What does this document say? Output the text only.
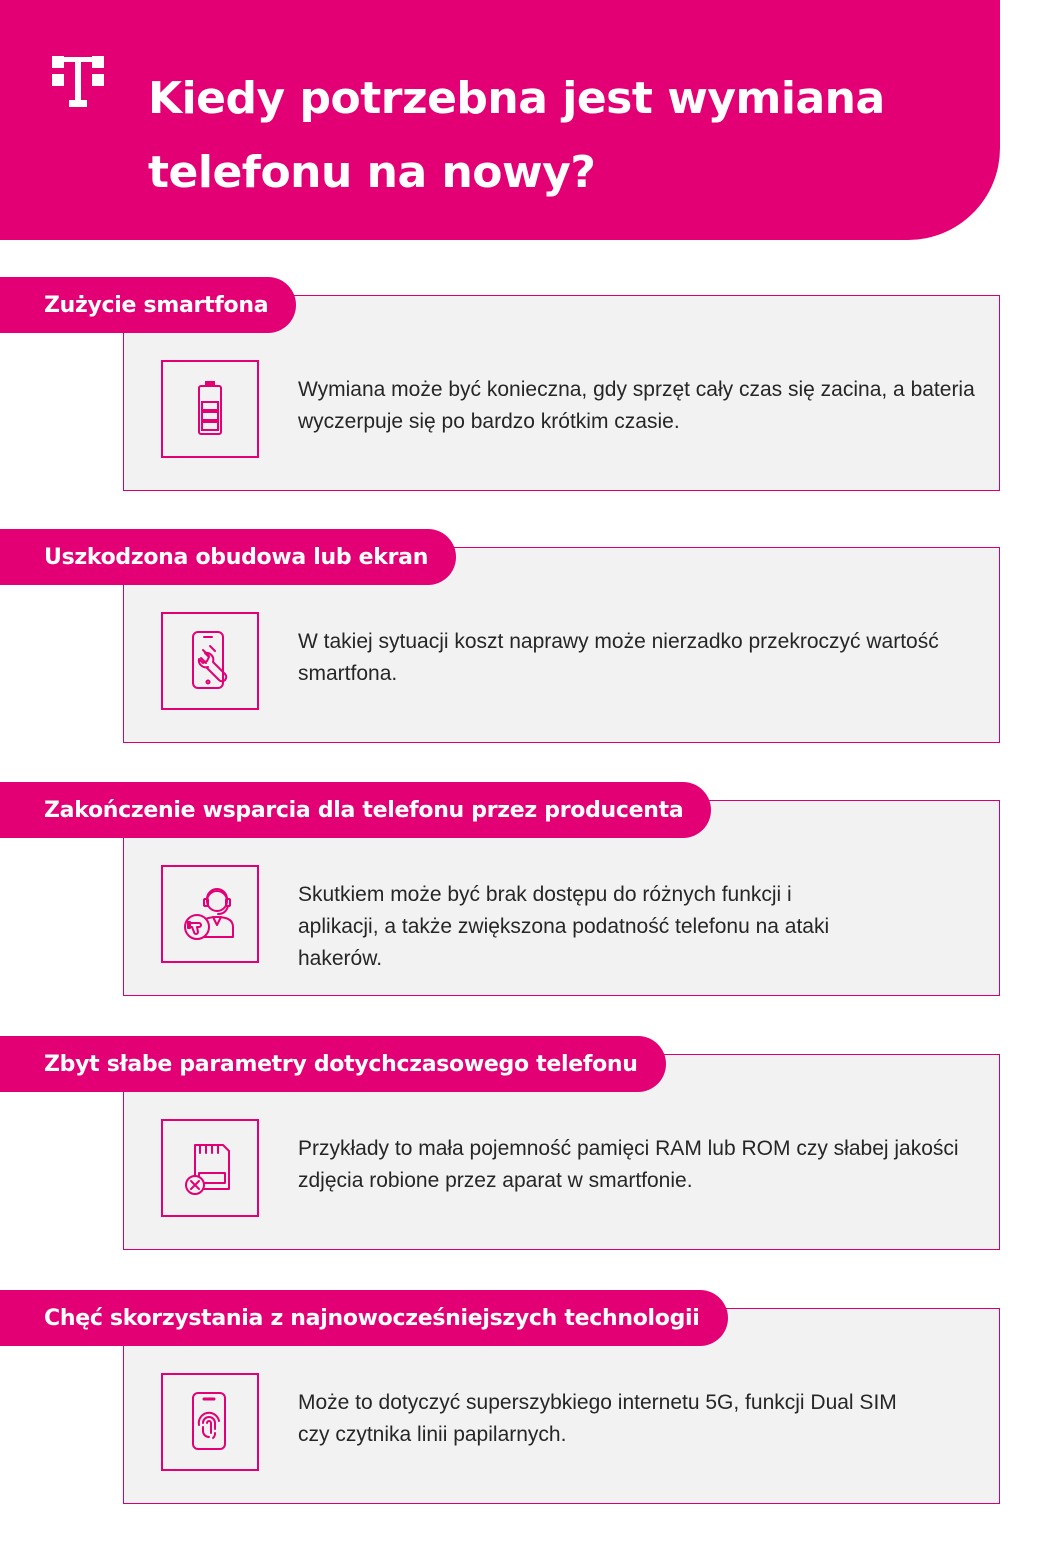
Kiedy potrzebna jest wymiana telefonu na nowy?

Wymiana może być konieczna, gdy sprzęt cały czas się zacina, a bateria wyczerpuje się po bardzo krótkim czasie.

Zużycie smartfona

W takiej sytuacji koszt naprawy może nierzadko przekroczyć wartość smartfona.

Uszkodzona obudowa lub ekran

Skutkiem może być brak dostępu do różnych funkcji i aplikacji, a także zwiększona podatność telefonu na ataki hakerów.

Zakończenie wsparcia dla telefonu przez producenta

Przykłady to mała pojemność pamięci RAM lub ROM czy słabej jakości zdjęcia robione przez aparat w smartfonie.

Zbyt słabe parametry dotychczasowego telefonu

Może to dotyczyć superszybkiego internetu 5G, funkcji Dual SIM czy czytnika linii papilarnych.

Chęć skorzystania z najnowocześniejszych technologii
